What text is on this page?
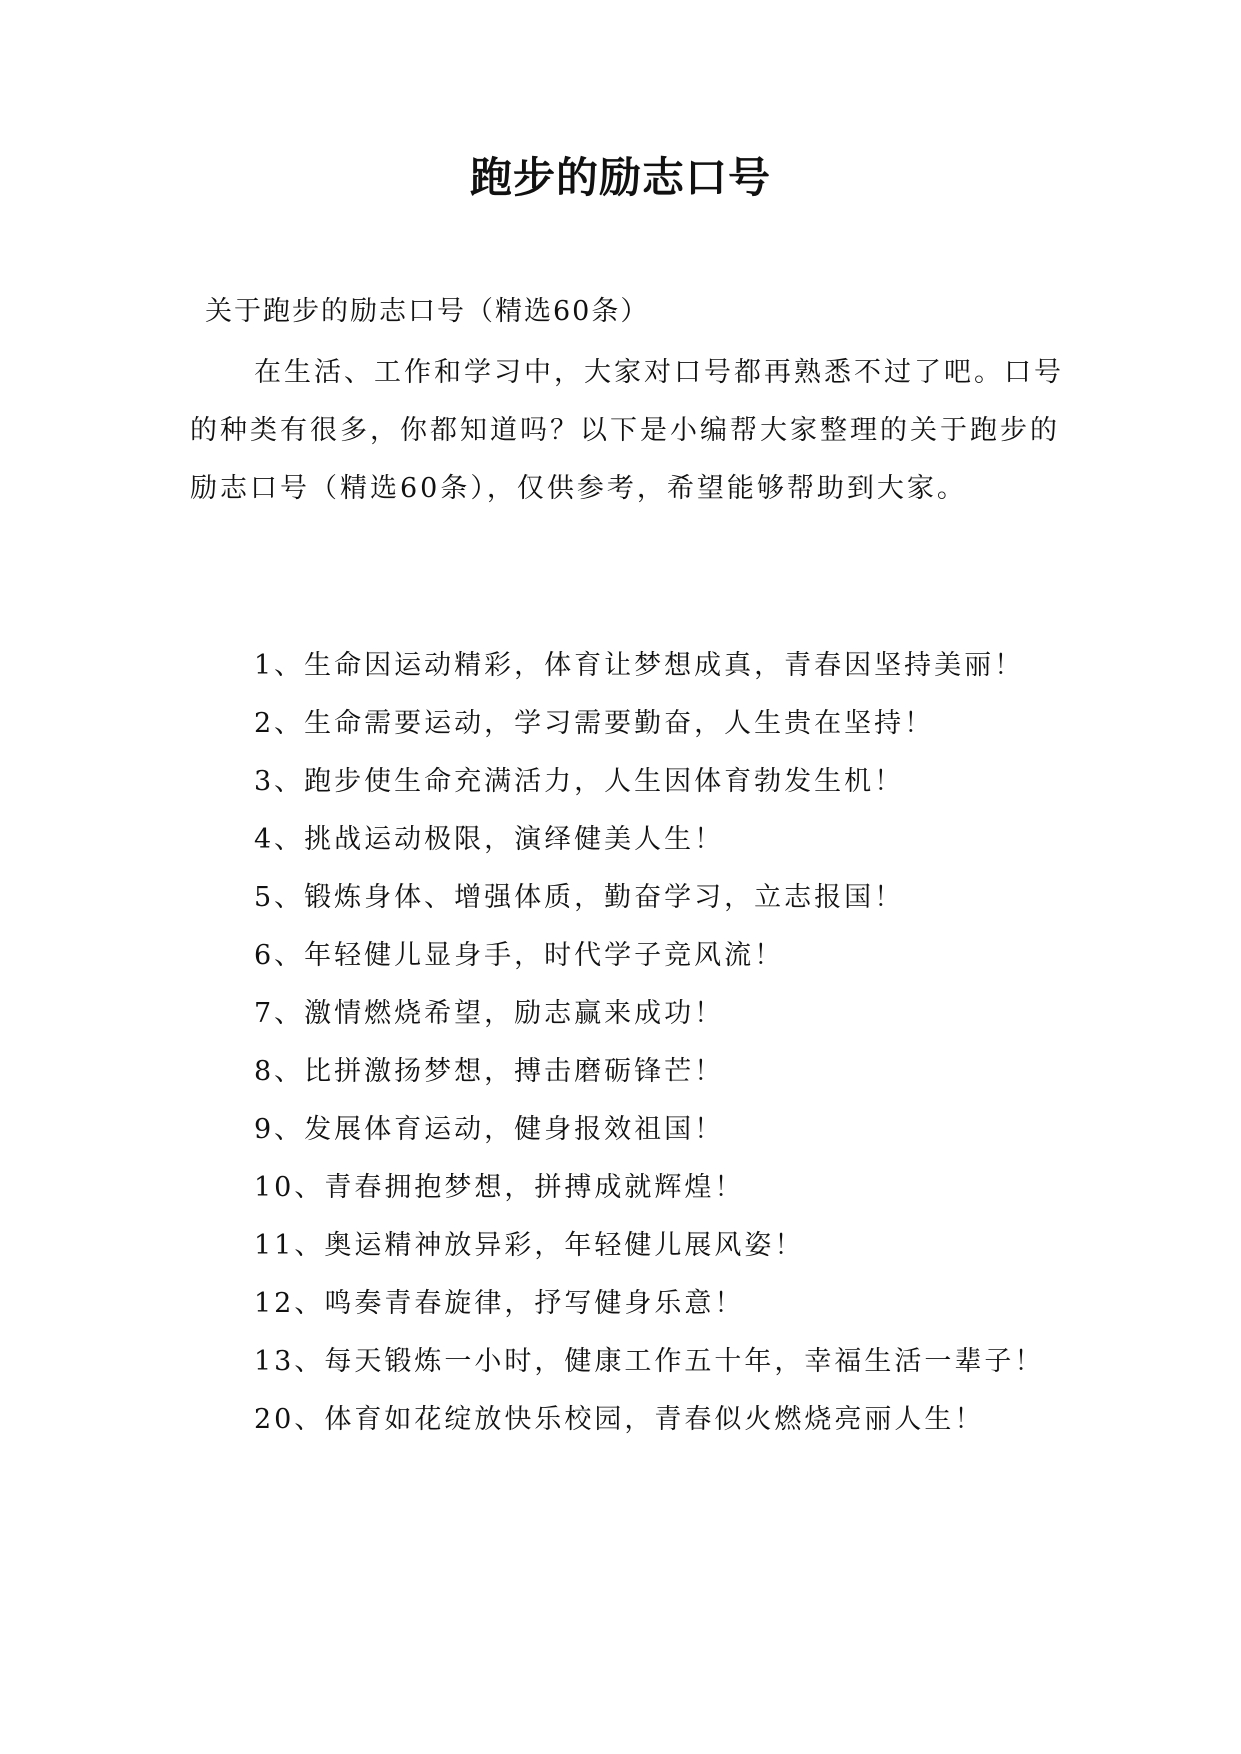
跑步的励志口号
关于跑步的励志口号（精选60条）

在生活、工作和学习中，大家对口号都再熟悉不过了吧。口号的种类有很多，你都知道吗？以下是小编帮大家整理的关于跑步的励志口号（精选60条），仅供参考，希望能够帮助到大家。

1、生命因运动精彩，体育让梦想成真，青春因坚持美丽！
2、生命需要运动，学习需要勤奋，人生贵在坚持！
3、跑步使生命充满活力，人生因体育勃发生机！
4、挑战运动极限，演绎健美人生！
5、锻炼身体、增强体质，勤奋学习，立志报国！
6、年轻健儿显身手，时代学子竞风流！
7、激情燃烧希望，励志赢来成功！
8、比拼激扬梦想，搏击磨砺锋芒！
9、发展体育运动，健身报效祖国！
10、青春拥抱梦想，拼搏成就辉煌！
11、奥运精神放异彩，年轻健儿展风姿！
12、鸣奏青春旋律，抒写健身乐意！
13、每天锻炼一小时，健康工作五十年，幸福生活一辈子！
20、体育如花绽放快乐校园，青春似火燃烧亮丽人生！
